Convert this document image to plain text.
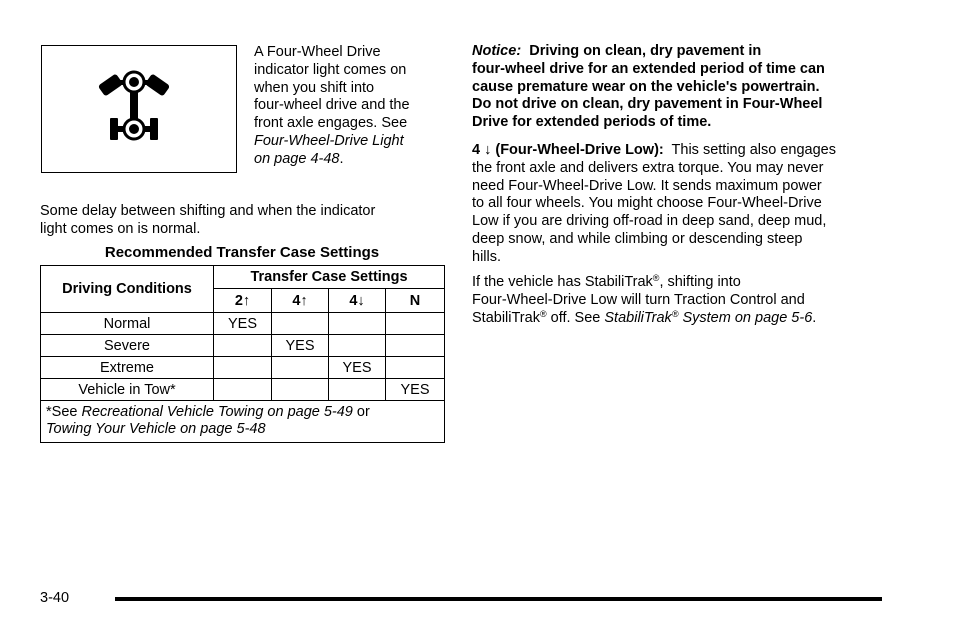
A Four-Wheel Drive

indicator light comes on

when you shift into

four-wheel drive and the

front axle engages. See

Four-Wheel-Drive Light

on page 4-48.

Some delay between shifting and when the indicator

light comes on is normal.

Recommended Transfer Case Settings
Driving Conditions	Transfer Case Settings			
	2↑	4↑	4↓	N
Normal	YES			
Severe		YES		
Extreme			YES	
Vehicle in Tow*				YES
*See Recreational Vehicle Towing on page 5-49 or
Towing Your Vehicle on page 5-48				

Notice: Driving on clean, dry pavement in

four-wheel drive for an extended period of time can

cause premature wear on the vehicle's powertrain.

Do not drive on clean, dry pavement in Four-Wheel

Drive for extended periods of time.

4 ↓ (Four-Wheel-Drive Low): This setting also engages

the front axle and delivers extra torque. You may never

need Four-Wheel-Drive Low. It sends maximum power

to all four wheels. You might choose Four-Wheel-Drive

Low if you are driving off-road in deep sand, deep mud,

deep snow, and while climbing or descending steep

hills.

If the vehicle has StabiliTrak®, shifting into

Four-Wheel-Drive Low will turn Traction Control and

StabiliTrak® off. See StabiliTrak® System on page 5-6.

3-40
